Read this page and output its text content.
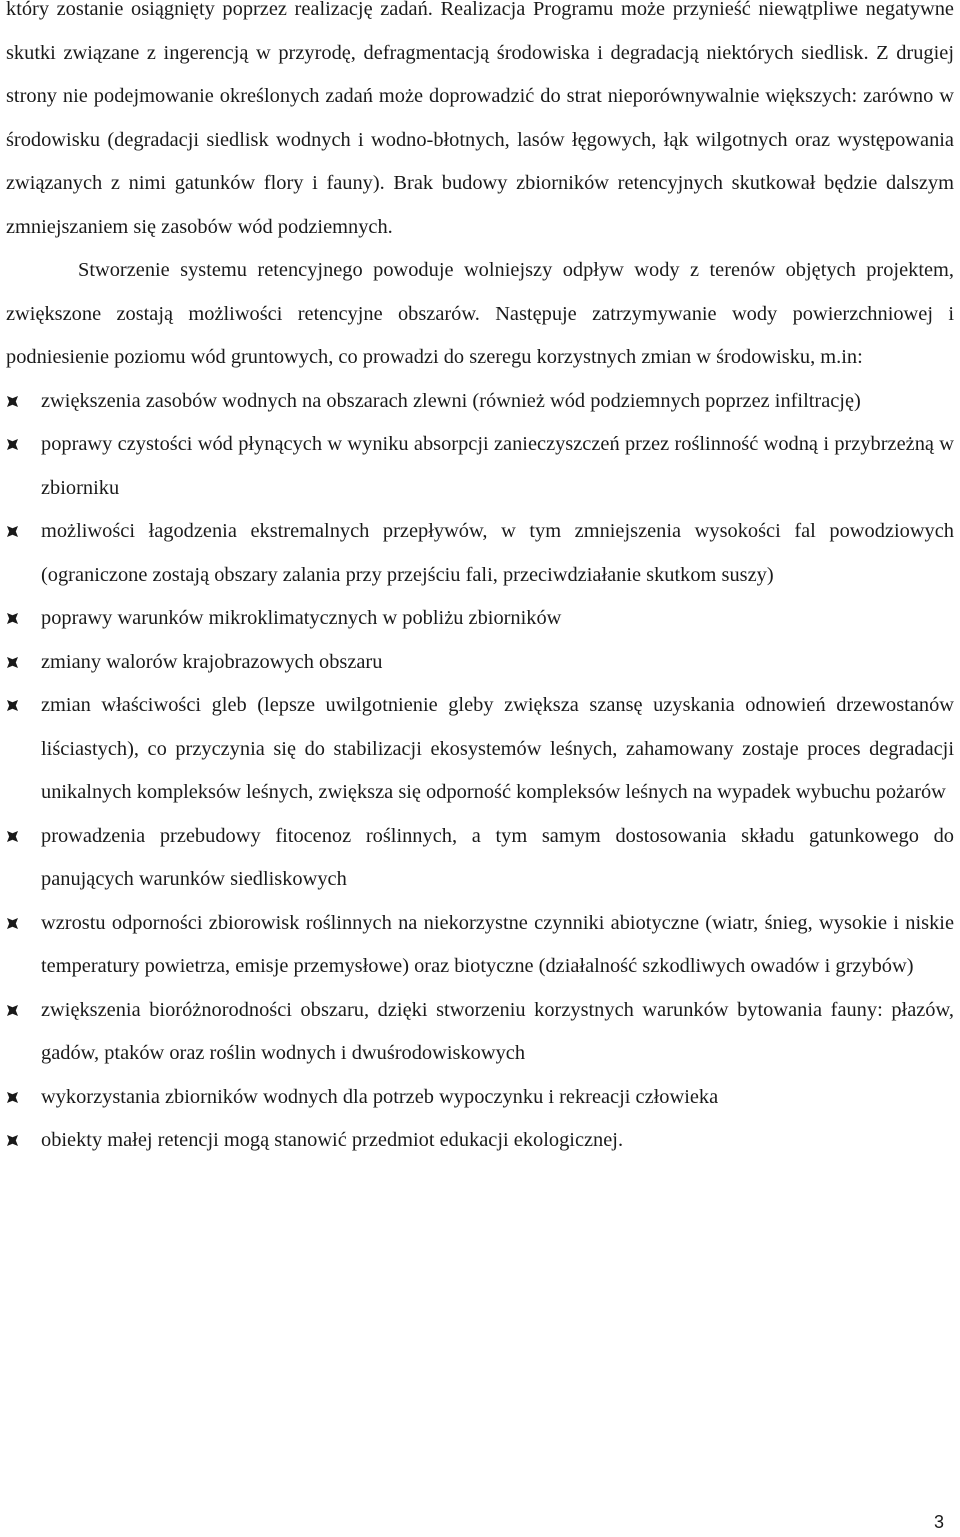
który zostanie osiągnięty poprzez realizację zadań. Realizacja Programu może przynieść niewątpliwe negatywne skutki związane z ingerencją w przyrodę, defragmentacją środowiska i degradacją niektórych siedlisk. Z drugiej strony nie podejmowanie określonych zadań może doprowadzić do strat nieporównywalnie większych: zarówno w środowisku (degradacji siedlisk wodnych i wodno-błotnych, lasów łęgowych, łąk wilgotnych oraz występowania związanych z nimi gatunków flory i fauny). Brak budowy zbiorników retencyjnych skutkował będzie dalszym zmniejszaniem się zasobów wód podziemnych.

Stworzenie systemu retencyjnego powoduje wolniejszy odpływ wody z terenów objętych projektem, zwiększone zostają możliwości retencyjne obszarów. Następuje zatrzymywanie wody powierzchniowej i podniesienie poziomu wód gruntowych, co prowadzi do szeregu korzystnych zmian w środowisku, m.in:

zwiększenia zasobów wodnych na obszarach zlewni (również wód podziemnych poprzez infiltrację)
poprawy czystości wód płynących w wyniku absorpcji zanieczyszczeń przez roślinność wodną i przybrzeżną w zbiorniku
możliwości łagodzenia ekstremalnych przepływów, w tym zmniejszenia wysokości fal powodziowych (ograniczone zostają obszary zalania przy przejściu fali, przeciwdziałanie skutkom suszy)
poprawy warunków mikroklimatycznych w pobliżu zbiorników
zmiany walorów krajobrazowych obszaru
zmian właściwości gleb (lepsze uwilgotnienie gleby zwiększa szansę uzyskania odnowień drzewostanów liściastych), co przyczynia się do stabilizacji ekosystemów leśnych, zahamowany zostaje proces degradacji unikalnych kompleksów leśnych, zwiększa się odporność kompleksów leśnych na wypadek wybuchu pożarów
prowadzenia przebudowy fitocenoz roślinnych, a tym samym dostosowania składu gatunkowego do panujących warunków siedliskowych
wzrostu odporności zbiorowisk roślinnych na niekorzystne czynniki abiotyczne (wiatr, śnieg, wysokie i niskie temperatury powietrza, emisje przemysłowe) oraz biotyczne (działalność szkodliwych owadów i grzybów)
zwiększenia bioróżnorodności obszaru, dzięki stworzeniu korzystnych warunków bytowania fauny: płazów, gadów, ptaków oraz roślin wodnych i dwuśrodowiskowych
wykorzystania zbiorników wodnych dla potrzeb wypoczynku i rekreacji człowieka
obiekty małej retencji mogą stanowić przedmiot edukacji ekologicznej.
3
